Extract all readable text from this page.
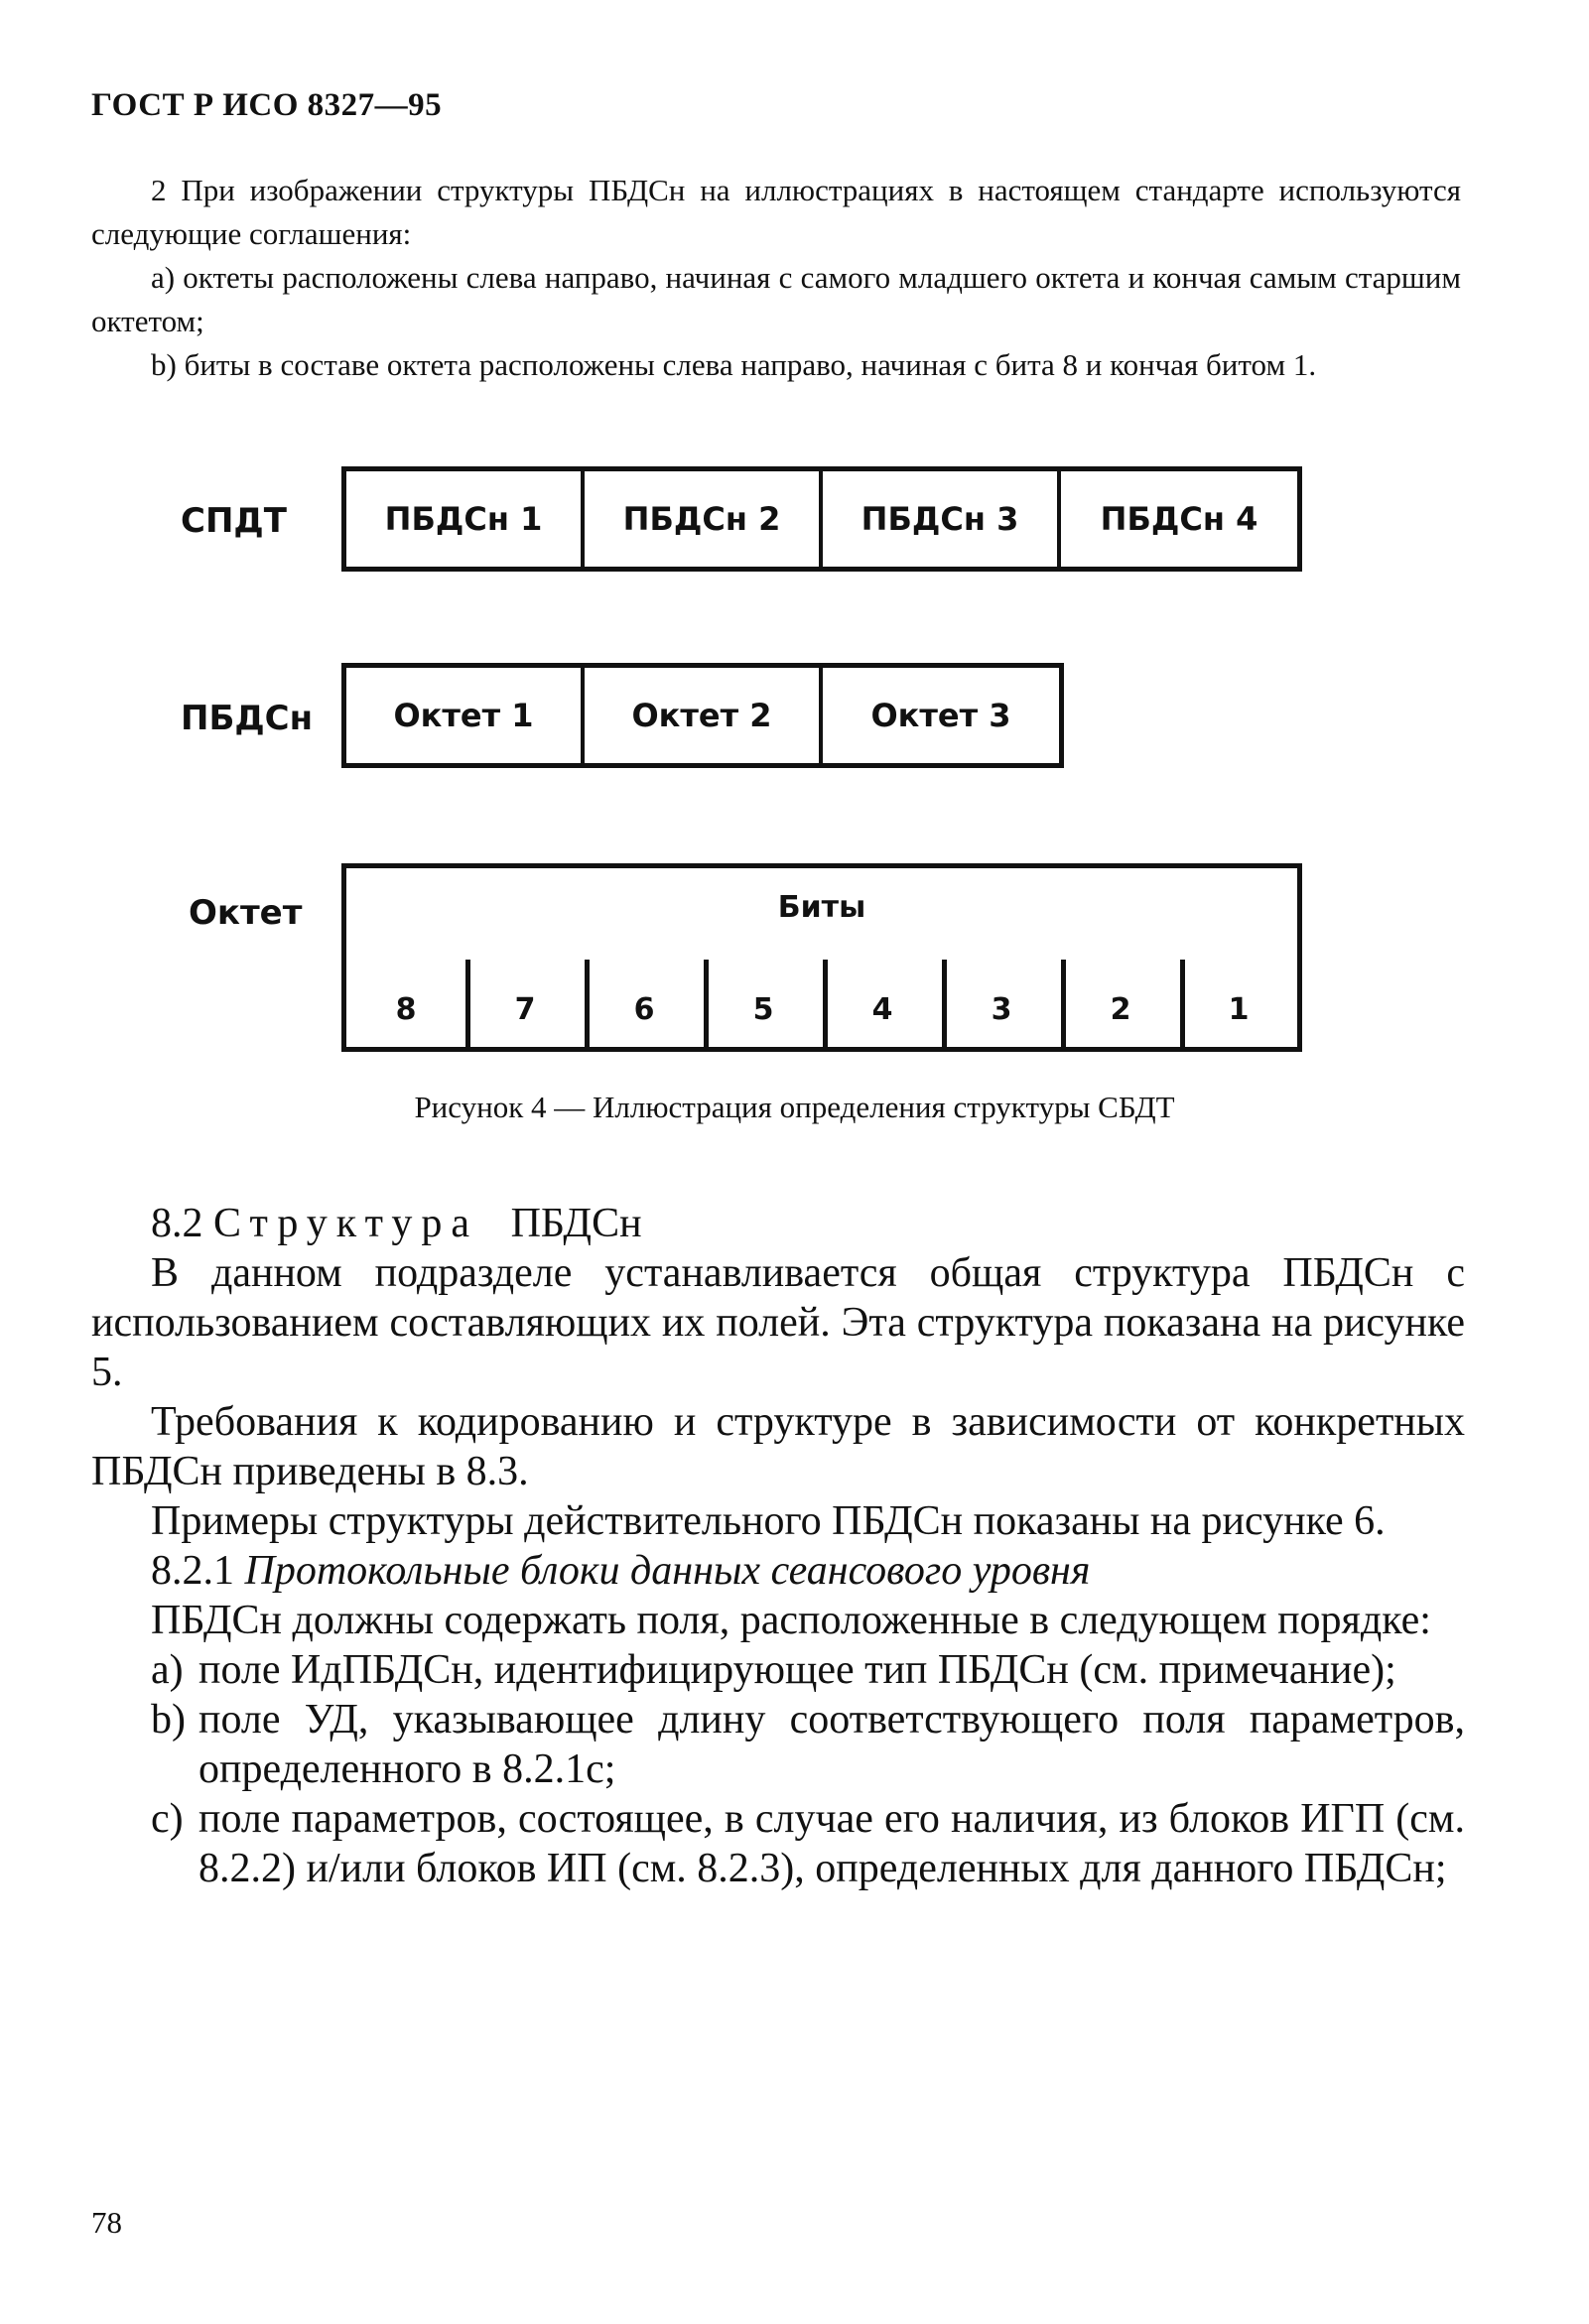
ГОСТ Р ИСО 8327—95

2 При изображении структуры ПБДСн на иллюстрациях в настоящем стандарте используются следующие соглашения:

а) октеты расположены слева направо, начиная с самого младшего октета и кончая самым старшим октетом;

b) биты в составе октета расположены слева направо, начиная с бита 8 и кончая битом 1.

СПДТ	ПБДСн 1	ПБДСн 2	ПБДСн 3	ПБДСн 4
ПБДСн	Октет 1	Октет 2	Октет 3
Октет	Биты
8	7	6	5	4	3	2	1
Рисунок 4 — Иллюстрация определения структуры СБДТ

8.2 Структура ПБДСн

В данном подразделе устанавливается общая структура ПБДСн с использованием составляющих их полей. Эта структура показана на рисунке 5.

Требования к кодированию и структуре в зависимости от конкретных ПБДСн приведены в 8.3.

Примеры структуры действительного ПБДСн показаны на рисунке 6.

8.2.1 Протокольные блоки данных сеансового уровня

ПБДСн должны содержать поля, расположенные в следующем порядке:

а) поле ИдПБДСн, идентифицирующее тип ПБДСн (см. примечание);

b) поле УД, указывающее длину соответствующего поля параметров, определенного в 8.2.1с;

с) поле параметров, состоящее, в случае его наличия, из блоков ИГП (см. 8.2.2) и/или блоков ИП (см. 8.2.3), определенных для данного ПБДСн;

78
